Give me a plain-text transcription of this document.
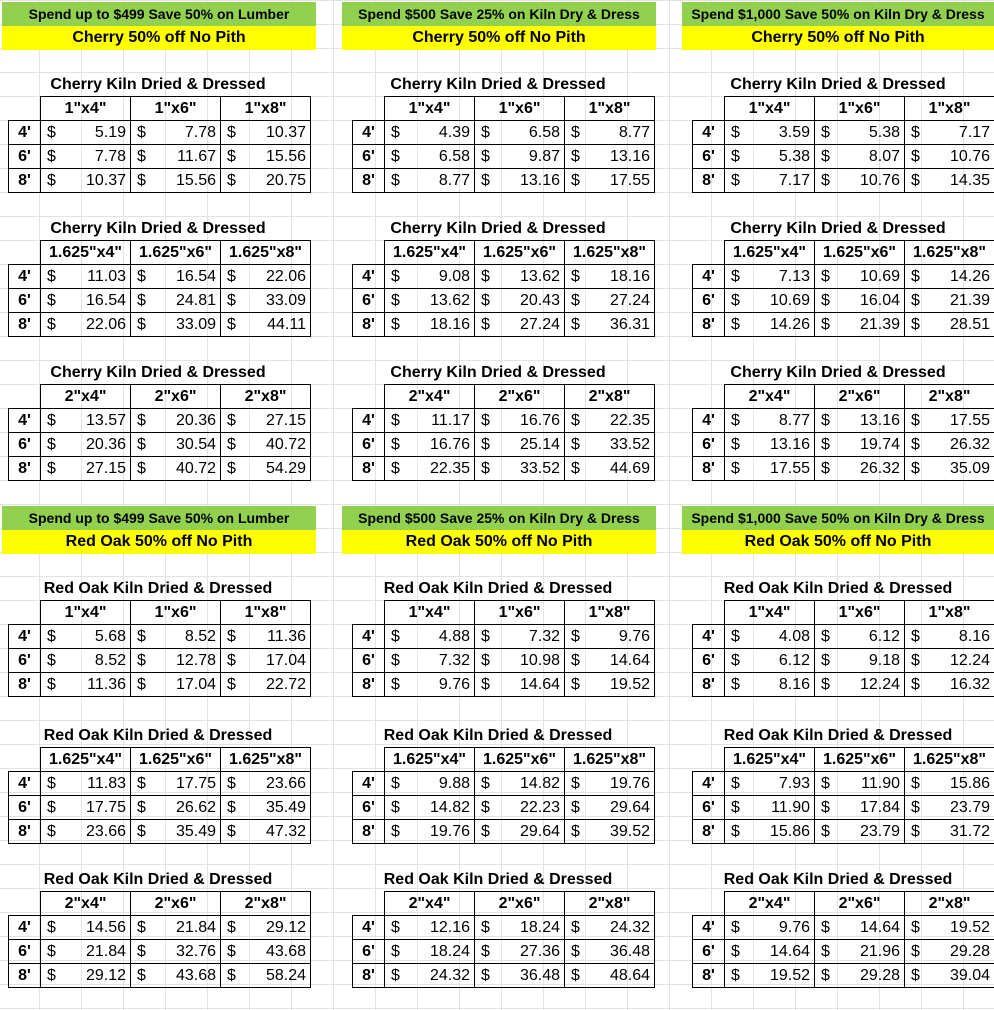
Spend up to $499 Save 50% on Lumber
Cherry 50% off No Pith
Spend $500 Save 25% on Kiln Dry & Dress
Cherry 50% off No Pith
Spend $1,000 Save 50% on Kiln Dry & Dress
Cherry 50% off No Pith
Cherry Kiln Dried & Dressed
	1"x4"	1"x6"	1"x8"
4'	$ 5.19	$ 7.78	$ 10.37

6'	$ 7.78	$ 11.67	$ 15.56

8'	$ 10.37	$ 15.56	$ 20.75
Cherry Kiln Dried & Dressed
	1"x4"	1"x6"	1"x8"
4'	$ 4.39	$ 6.58	$ 8.77

6'	$ 6.58	$ 9.87	$ 13.16

8'	$ 8.77	$ 13.16	$ 17.55
Cherry Kiln Dried & Dressed
	1"x4"	1"x6"	1"x8"
4'	$ 3.59	$ 5.38	$ 7.17

6'	$ 5.38	$ 8.07	$ 10.76

8'	$ 7.17	$ 10.76	$ 14.35
Cherry Kiln Dried & Dressed
	1.625"x4"	1.625"x6"	1.625"x8"
4'	$ 11.03	$ 16.54	$ 22.06

6'	$ 16.54	$ 24.81	$ 33.09

8'	$ 22.06	$ 33.09	$ 44.11
Cherry Kiln Dried & Dressed
	1.625"x4"	1.625"x6"	1.625"x8"
4'	$ 9.08	$ 13.62	$ 18.16

6'	$ 13.62	$ 20.43	$ 27.24

8'	$ 18.16	$ 27.24	$ 36.31
Cherry Kiln Dried & Dressed
	1.625"x4"	1.625"x6"	1.625"x8"
4'	$ 7.13	$ 10.69	$ 14.26

6'	$ 10.69	$ 16.04	$ 21.39

8'	$ 14.26	$ 21.39	$ 28.51
Cherry Kiln Dried & Dressed
	2"x4"	2"x6"	2"x8"
4'	$ 13.57	$ 20.36	$ 27.15

6'	$ 20.36	$ 30.54	$ 40.72

8'	$ 27.15	$ 40.72	$ 54.29
Cherry Kiln Dried & Dressed
	2"x4"	2"x6"	2"x8"
4'	$ 11.17	$ 16.76	$ 22.35

6'	$ 16.76	$ 25.14	$ 33.52

8'	$ 22.35	$ 33.52	$ 44.69
Cherry Kiln Dried & Dressed
	2"x4"	2"x6"	2"x8"
4'	$ 8.77	$ 13.16	$ 17.55

6'	$ 13.16	$ 19.74	$ 26.32

8'	$ 17.55	$ 26.32	$ 35.09
Spend up to $499 Save 50% on Lumber
Red Oak 50% off No Pith
Spend $500 Save 25% on Kiln Dry & Dress
Red Oak 50% off No Pith
Spend $1,000 Save 50% on Kiln Dry & Dress
Red Oak 50% off No Pith
Red Oak Kiln Dried & Dressed
	1"x4"	1"x6"	1"x8"
4'	$ 5.68	$ 8.52	$ 11.36

6'	$ 8.52	$ 12.78	$ 17.04

8'	$ 11.36	$ 17.04	$ 22.72
Red Oak Kiln Dried & Dressed
	1"x4"	1"x6"	1"x8"
4'	$ 4.88	$ 7.32	$ 9.76

6'	$ 7.32	$ 10.98	$ 14.64

8'	$ 9.76	$ 14.64	$ 19.52
Red Oak Kiln Dried & Dressed
	1"x4"	1"x6"	1"x8"
4'	$ 4.08	$ 6.12	$ 8.16

6'	$ 6.12	$ 9.18	$ 12.24

8'	$ 8.16	$ 12.24	$ 16.32
Red Oak Kiln Dried & Dressed
	1.625"x4"	1.625"x6"	1.625"x8"
4'	$ 11.83	$ 17.75	$ 23.66

6'	$ 17.75	$ 26.62	$ 35.49

8'	$ 23.66	$ 35.49	$ 47.32
Red Oak Kiln Dried & Dressed
	1.625"x4"	1.625"x6"	1.625"x8"
4'	$ 9.88	$ 14.82	$ 19.76

6'	$ 14.82	$ 22.23	$ 29.64

8'	$ 19.76	$ 29.64	$ 39.52
Red Oak Kiln Dried & Dressed
	1.625"x4"	1.625"x6"	1.625"x8"
4'	$ 7.93	$ 11.90	$ 15.86

6'	$ 11.90	$ 17.84	$ 23.79

8'	$ 15.86	$ 23.79	$ 31.72
Red Oak Kiln Dried & Dressed
	2"x4"	2"x6"	2"x8"
4'	$ 14.56	$ 21.84	$ 29.12

6'	$ 21.84	$ 32.76	$ 43.68

8'	$ 29.12	$ 43.68	$ 58.24
Red Oak Kiln Dried & Dressed
	2"x4"	2"x6"	2"x8"
4'	$ 12.16	$ 18.24	$ 24.32

6'	$ 18.24	$ 27.36	$ 36.48

8'	$ 24.32	$ 36.48	$ 48.64
Red Oak Kiln Dried & Dressed
	2"x4"	2"x6"	2"x8"
4'	$ 9.76	$ 14.64	$ 19.52

6'	$ 14.64	$ 21.96	$ 29.28

8'	$ 19.52	$ 29.28	$ 39.04
